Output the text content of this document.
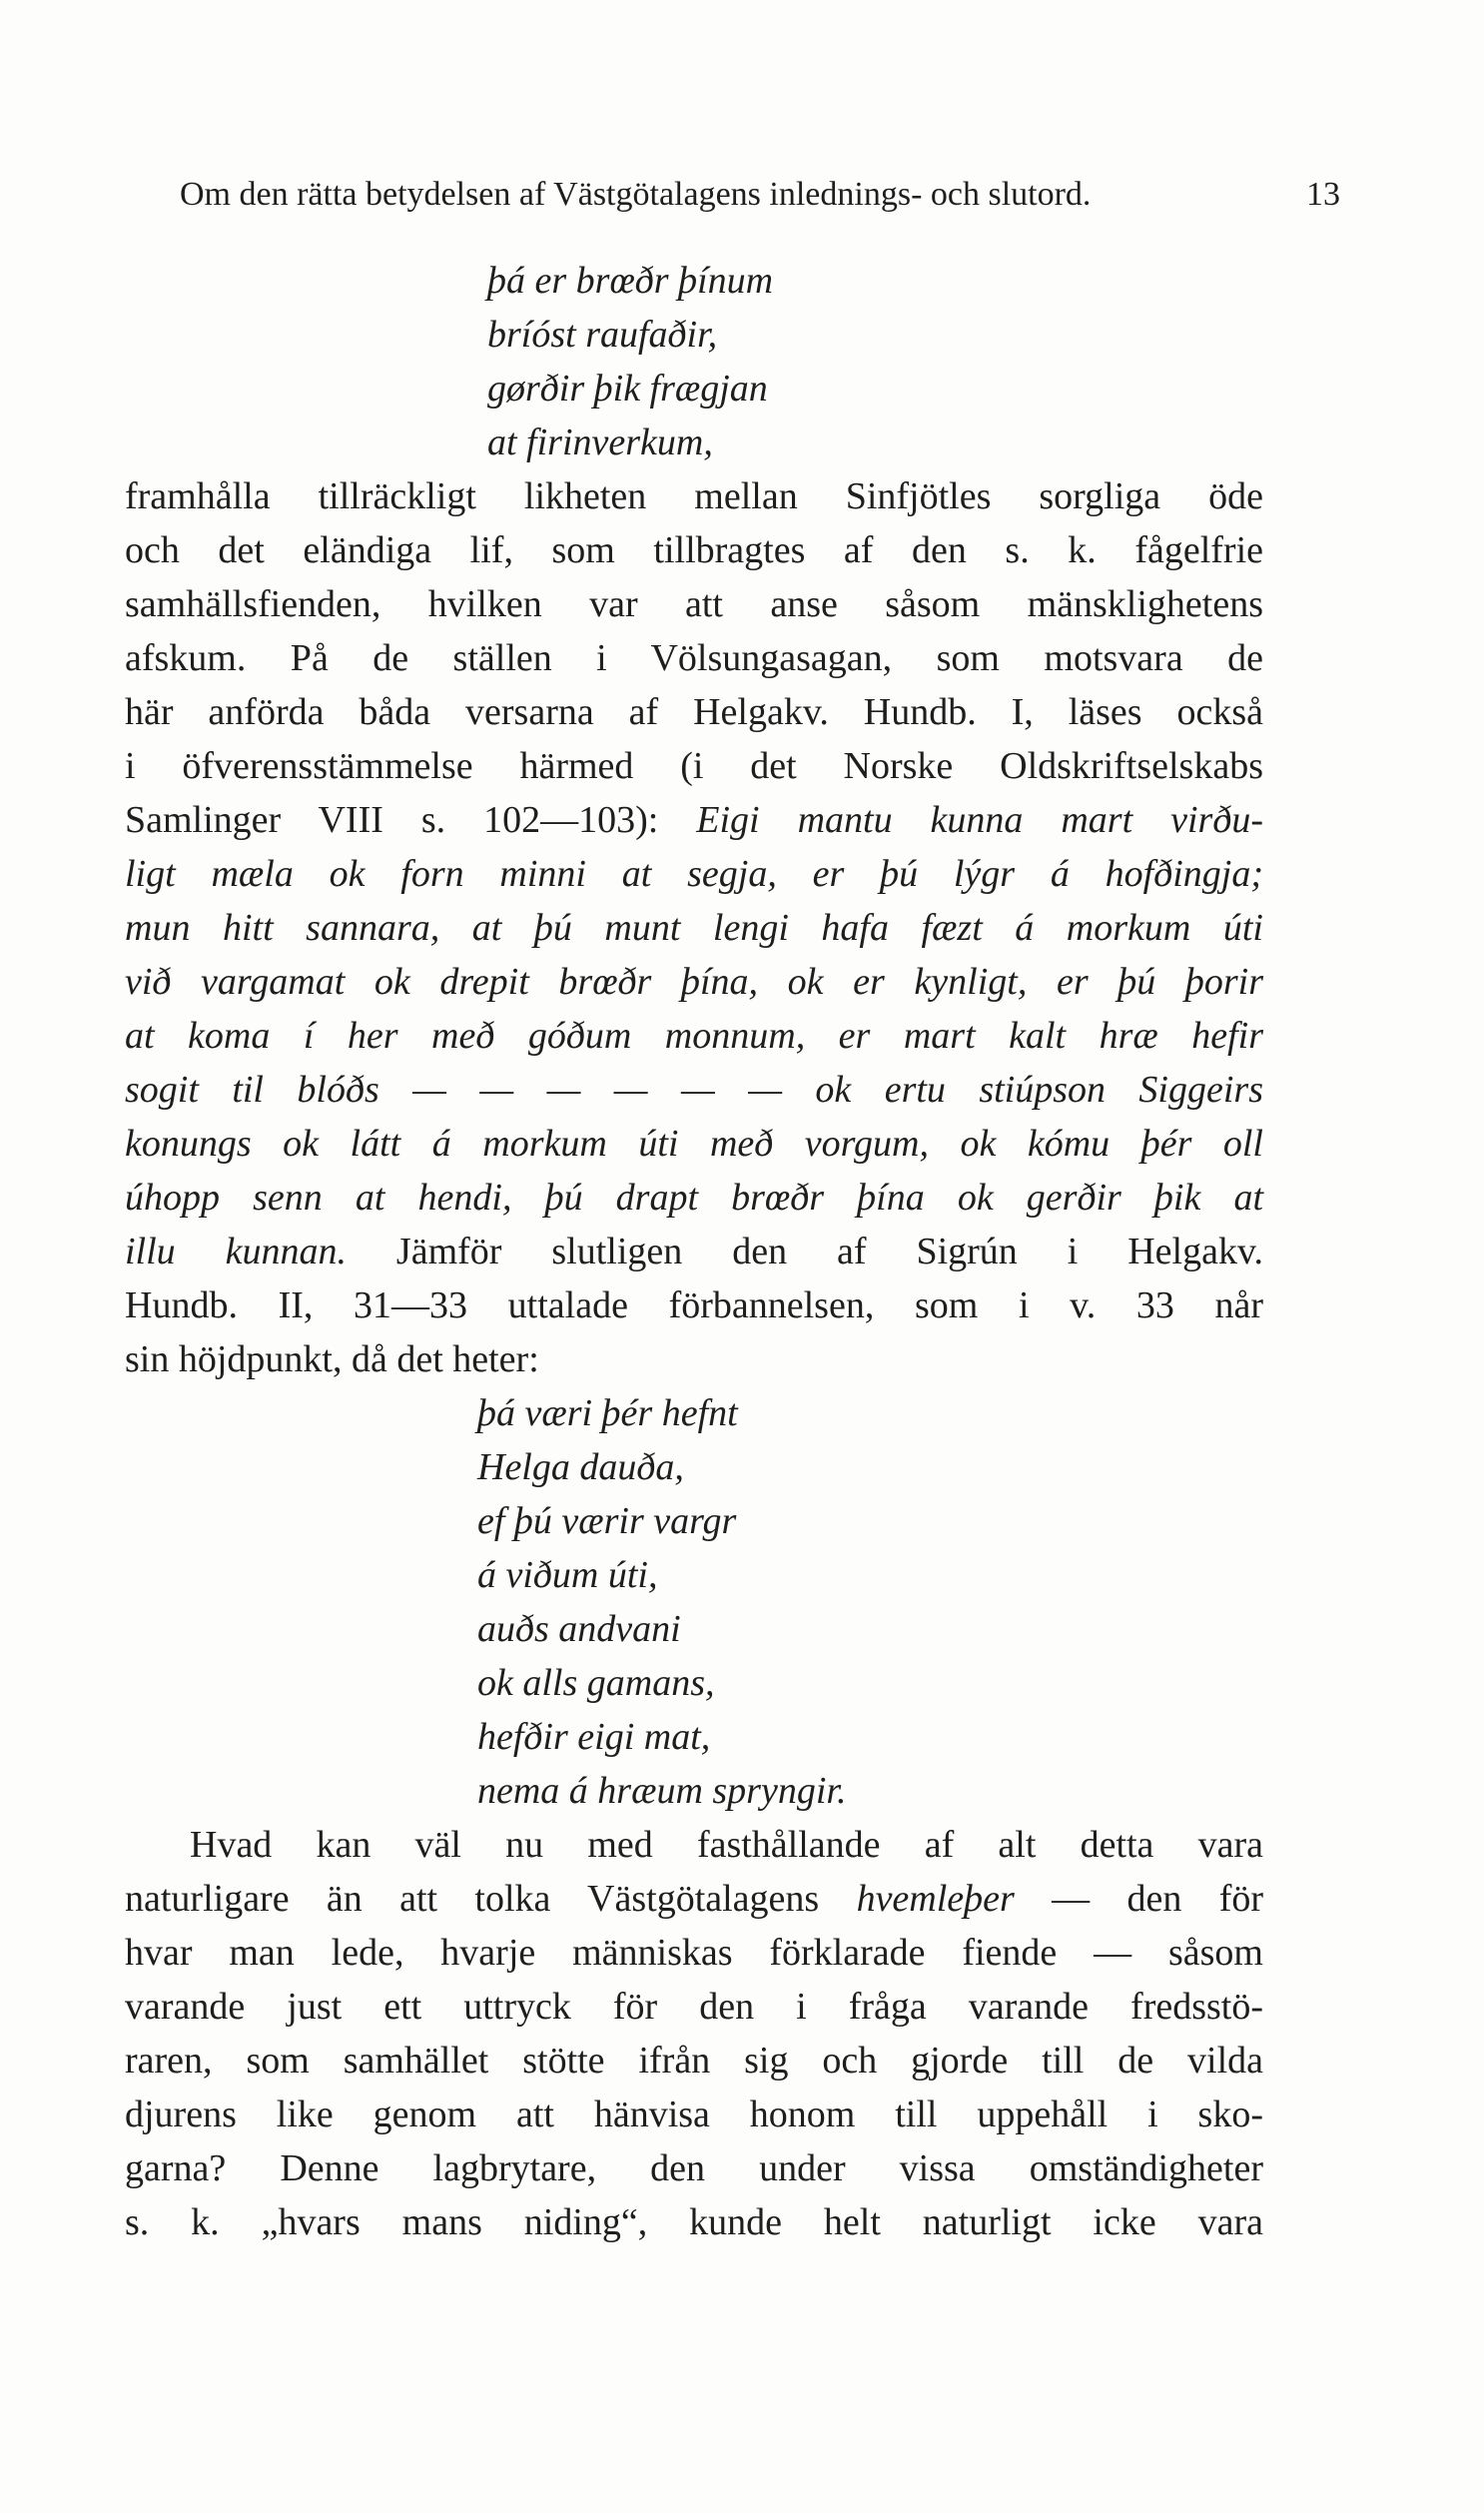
Om den rätta betydelsen af Västgötalagens inlednings- och slutord.	13
þá er brœðr þínum
bríóst raufaðir,
gørðir þik frægjan
at firinverkum,
framhålla tillräckligt likheten mellan Sinfjötles sorgliga öde
och det eländiga lif, som tillbragtes af den s. k. fågelfrie
samhällsfienden, hvilken var att anse såsom mänsklighetens
afskum. På de ställen i Völsungasagan, som motsvara de
här anförda båda versarna af Helgakv. Hundb. I, läses också
i öfverensstämmelse härmed (i det Norske Oldskriftselskabs
Samlinger VIII s. 102—103): Eigi mantu kunna mart virðu-
ligt mæla ok forn minni at segja, er þú lýgr á hofðingja;
mun hitt sannara, at þú munt lengi hafa fæzt á morkum úti
við vargamat ok drepit brœðr þína, ok er kynligt, er þú þorir
at koma í her með góðum monnum, er mart kalt hræ hefir
sogit til blóðs — — — — — — ok ertu stiúpson Siggeirs
konungs ok látt á morkum úti með vorgum, ok kómu þér oll
úhopp senn at hendi, þú drapt brœðr þína ok gerðir þik at
illu kunnan. Jämför slutligen den af Sigrún i Helgakv.
Hundb. II, 31—33 uttalade förbannelsen, som i v. 33 når
sin höjdpunkt, då det heter:
þá væri þér hefnt
Helga dauða,
ef þú værir vargr
á viðum úti,
auðs andvani
ok alls gamans,
hefðir eigi mat,
nema á hræum spryngir.
Hvad kan väl nu med fasthållande af alt detta vara
naturligare än att tolka Västgötalagens hvemleþer — den för
hvar man lede, hvarje människas förklarade fiende — såsom
varande just ett uttryck för den i fråga varande fredsstö-
raren, som samhället stötte ifrån sig och gjorde till de vilda
djurens like genom att hänvisa honom till uppehåll i sko-
garna? Denne lagbrytare, den under vissa omständigheter
s. k. „hvars mans niding“, kunde helt naturligt icke vara
